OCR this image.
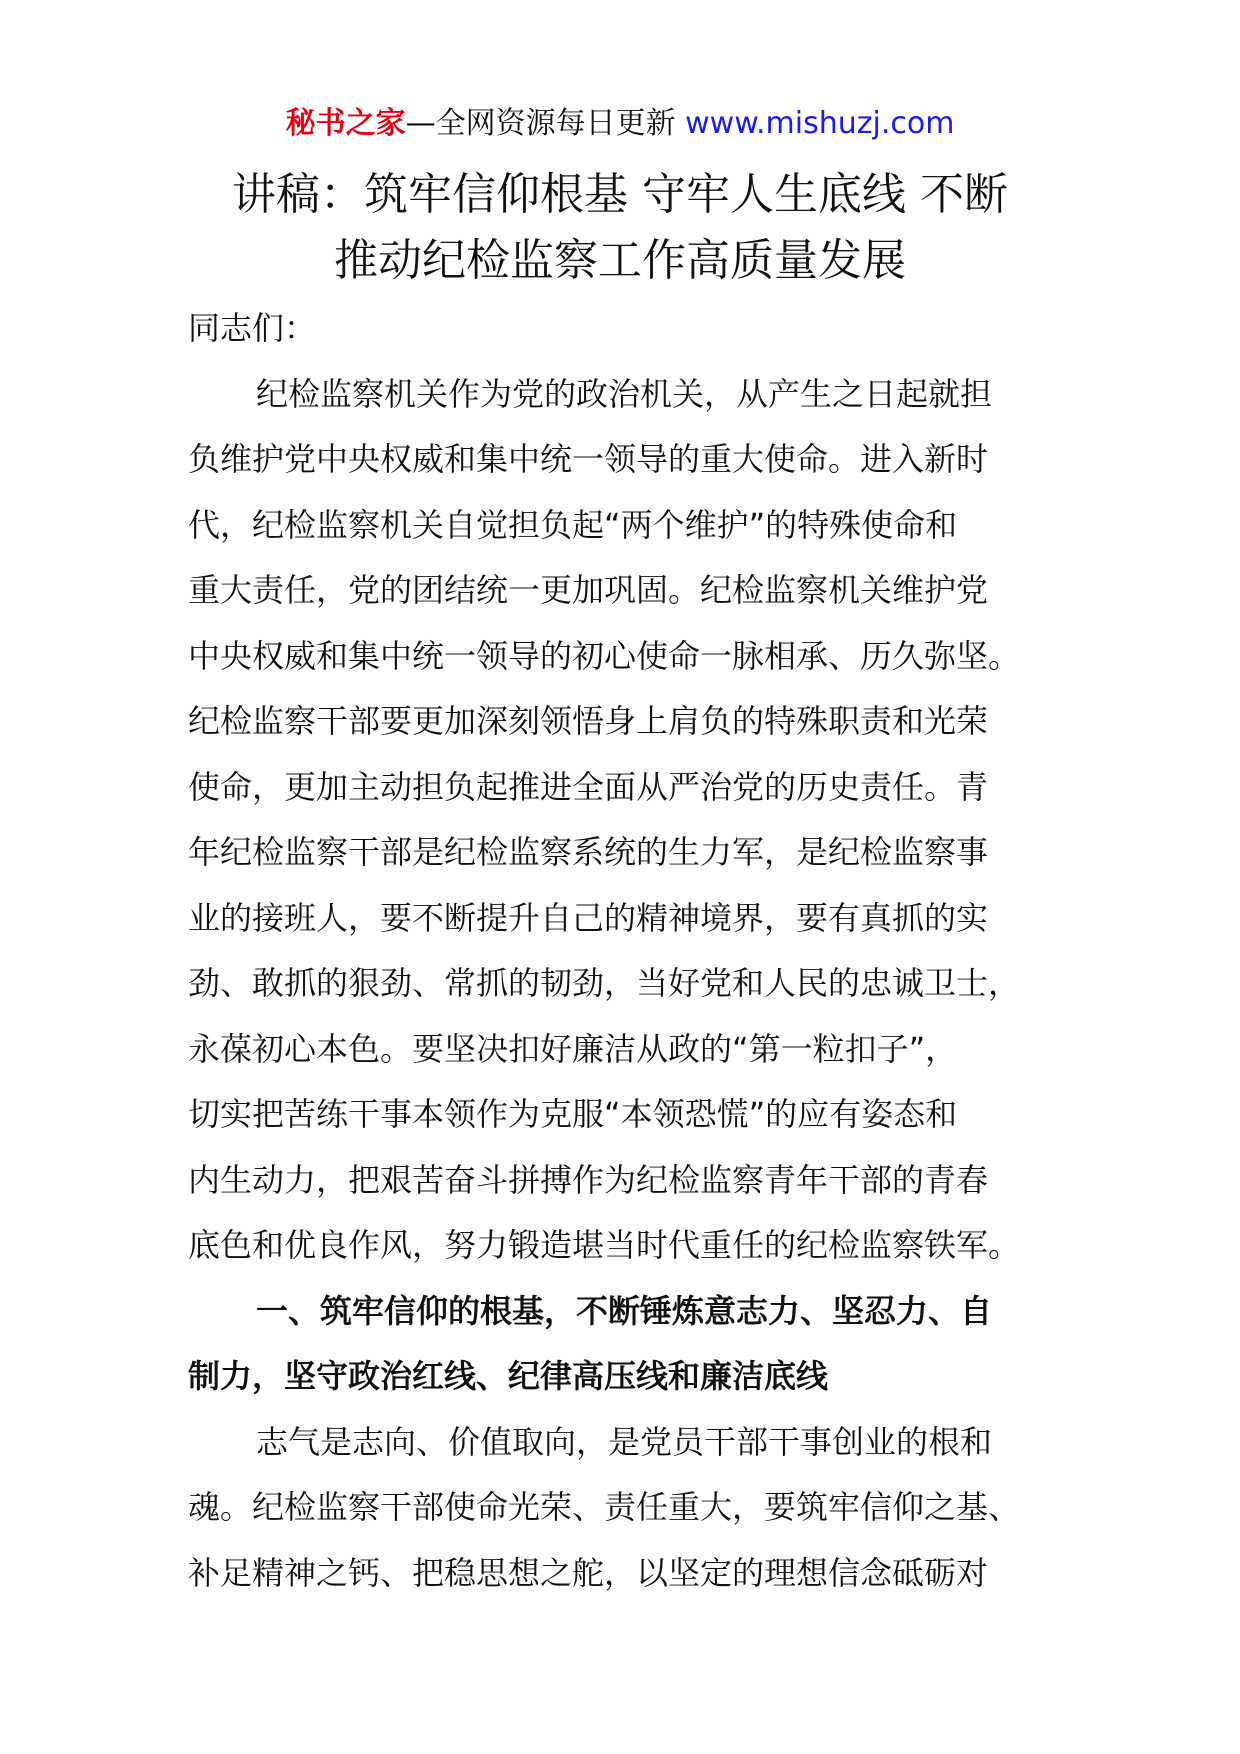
秘书之家—全网资源每日更新 www.mishuzj.com
讲稿：筑牢信仰根基 守牢人生底线 不断
推动纪检监察工作高质量发展

同志们：

纪检监察机关作为党的政治机关，从产生之日起就担
负维护党中央权威和集中统一领导的重大使命。进入新时
代，纪检监察机关自觉担负起“两个维护”的特殊使命和
重大责任，党的团结统一更加巩固。纪检监察机关维护党
中央权威和集中统一领导的初心使命一脉相承、历久弥坚。
纪检监察干部要更加深刻领悟身上肩负的特殊职责和光荣
使命，更加主动担负起推进全面从严治党的历史责任。青
年纪检监察干部是纪检监察系统的生力军，是纪检监察事
业的接班人，要不断提升自己的精神境界，要有真抓的实
劲、敢抓的狠劲、常抓的韧劲，当好党和人民的忠诚卫士，
永葆初心本色。要坚决扣好廉洁从政的“第一粒扣子”，
切实把苦练干事本领作为克服“本领恐慌”的应有姿态和
内生动力，把艰苦奋斗拼搏作为纪检监察青年干部的青春
底色和优良作风，努力锻造堪当时代重任的纪检监察铁军。

一、筑牢信仰的根基，不断锤炼意志力、坚忍力、自
制力，坚守政治红线、纪律高压线和廉洁底线

志气是志向、价值取向，是党员干部干事创业的根和
魂。纪检监察干部使命光荣、责任重大，要筑牢信仰之基、
补足精神之钙、把稳思想之舵，以坚定的理想信念砥砺对
